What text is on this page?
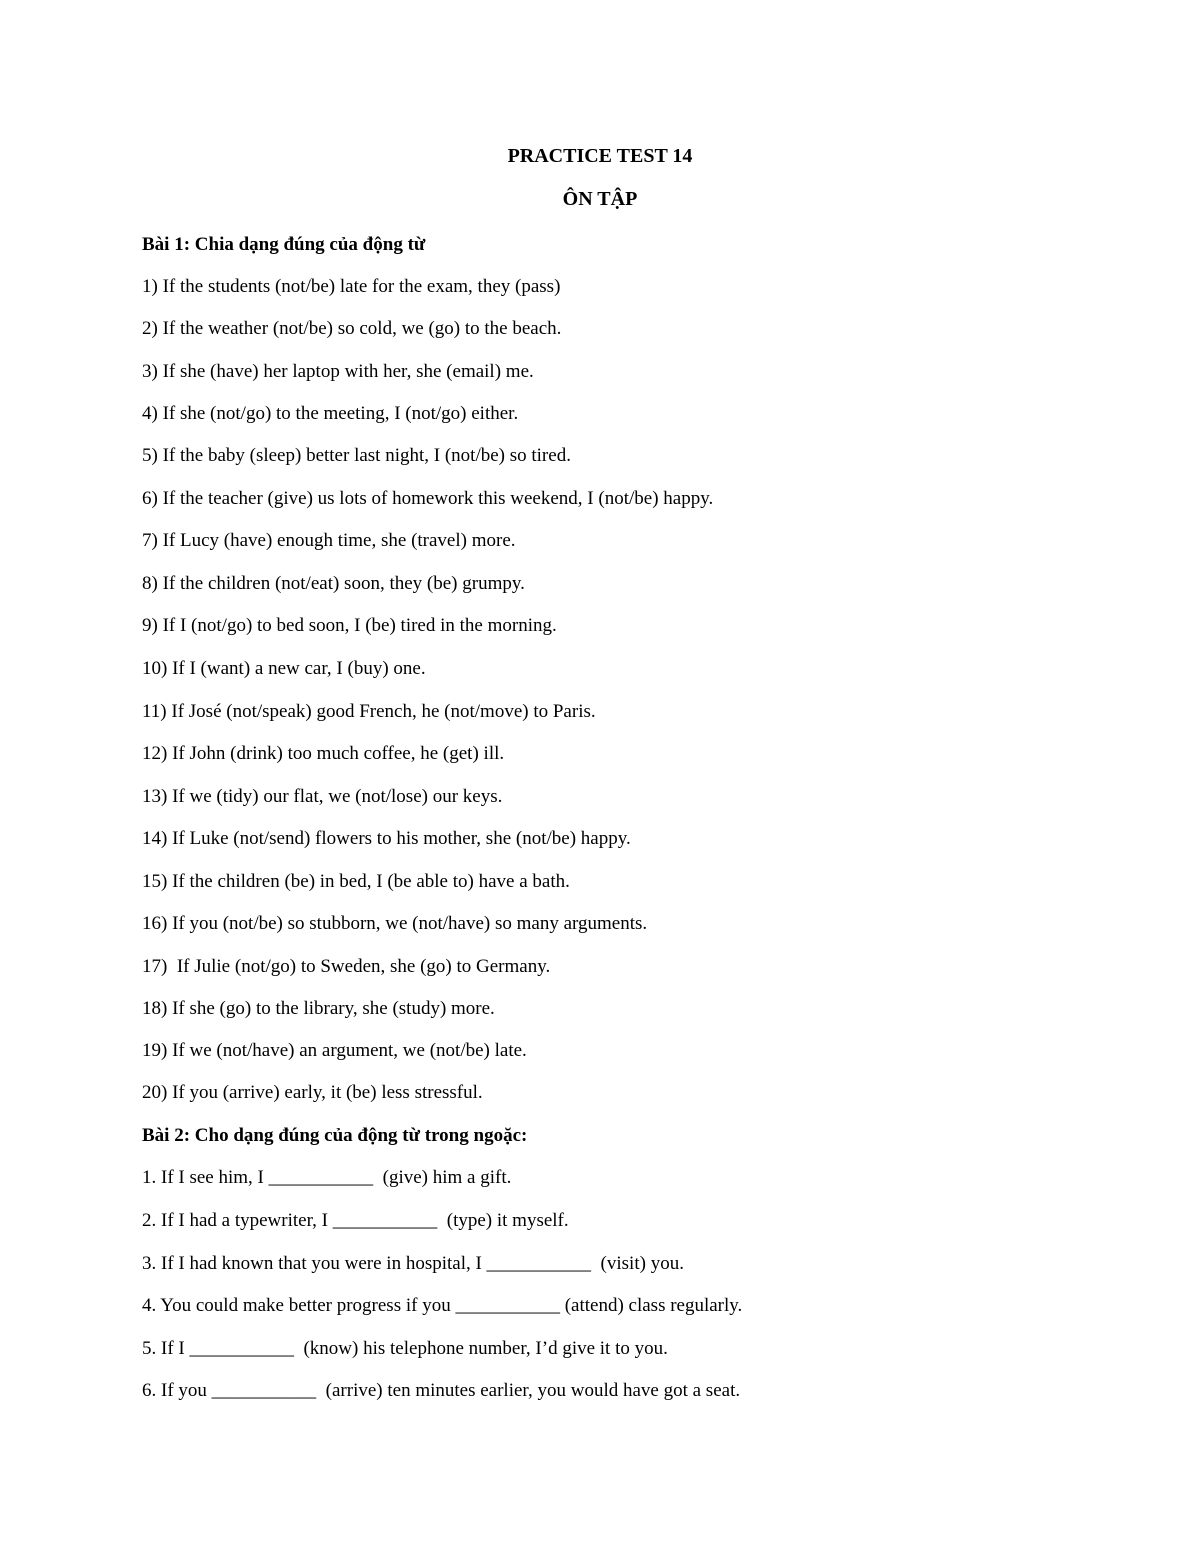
PRACTICE TEST 14

ÔN TẬP

Bài 1: Chia dạng đúng của động từ

1) If the students (not/be) late for the exam, they (pass)

2) If the weather (not/be) so cold, we (go) to the beach.

3) If she (have) her laptop with her, she (email) me.

4) If she (not/go) to the meeting, I (not/go) either.

5) If the baby (sleep) better last night, I (not/be) so tired.

6) If the teacher (give) us lots of homework this weekend, I (not/be) happy.

7) If Lucy (have) enough time, she (travel) more.

8) If the children (not/eat) soon, they (be) grumpy.

9) If I (not/go) to bed soon, I (be) tired in the morning.

10) If I (want) a new car, I (buy) one.

11) If José (not/speak) good French, he (not/move) to Paris.

12) If John (drink) too much coffee, he (get) ill.

13) If we (tidy) our flat, we (not/lose) our keys.

14) If Luke (not/send) flowers to his mother, she (not/be) happy.

15) If the children (be) in bed, I (be able to) have a bath.

16) If you (not/be) so stubborn, we (not/have) so many arguments.

17)  If Julie (not/go) to Sweden, she (go) to Germany.

18) If she (go) to the library, she (study) more.

19) If we (not/have) an argument, we (not/be) late.

20) If you (arrive) early, it (be) less stressful.

Bài 2: Cho dạng đúng của động từ trong ngoặc:

1. If I see him, I ___________  (give) him a gift.

2. If I had a typewriter, I ___________  (type) it myself.

3. If I had known that you were in hospital, I ___________  (visit) you.

4. You could make better progress if you ___________ (attend) class regularly.

5. If I ___________  (know) his telephone number, I’d give it to you.

6. If you ___________  (arrive) ten minutes earlier, you would have got a seat.
